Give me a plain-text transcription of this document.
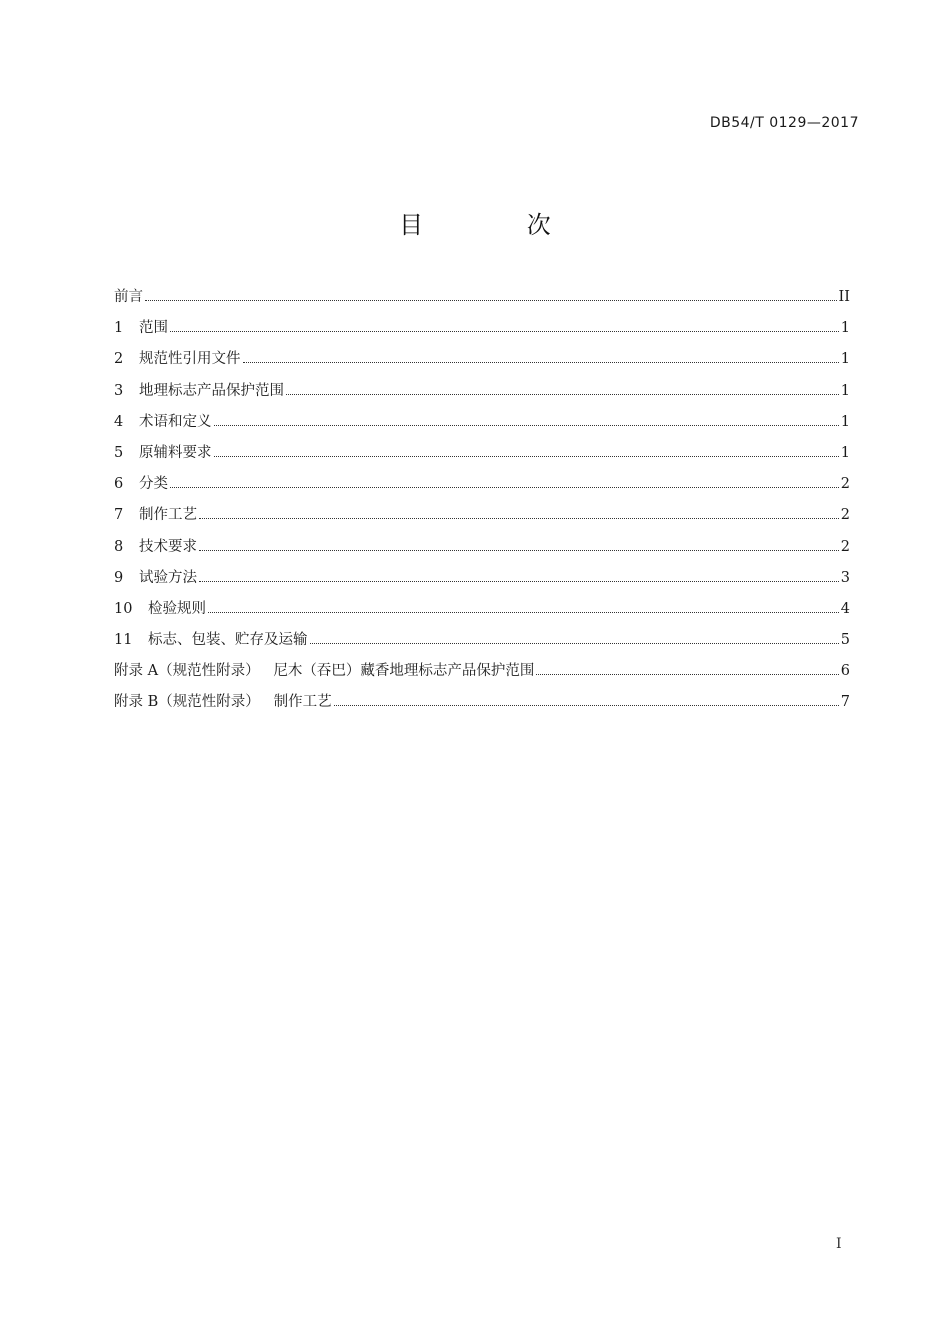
DB54/T 0129—2017
目 次
前言	II
1	范围	1
2	规范性引用文件	1
3	地理标志产品保护范围	1
4	术语和定义	1
5	原辅料要求	1
6	分类	2
7	制作工艺	2
8	技术要求	2
9	试验方法	3
10	检验规则	4
11	标志、包装、贮存及运输	5
附录 A（规范性附录）   尼木（吞巴）藏香地理标志产品保护范围	6
附录 B（规范性附录）   制作工艺	7
I
